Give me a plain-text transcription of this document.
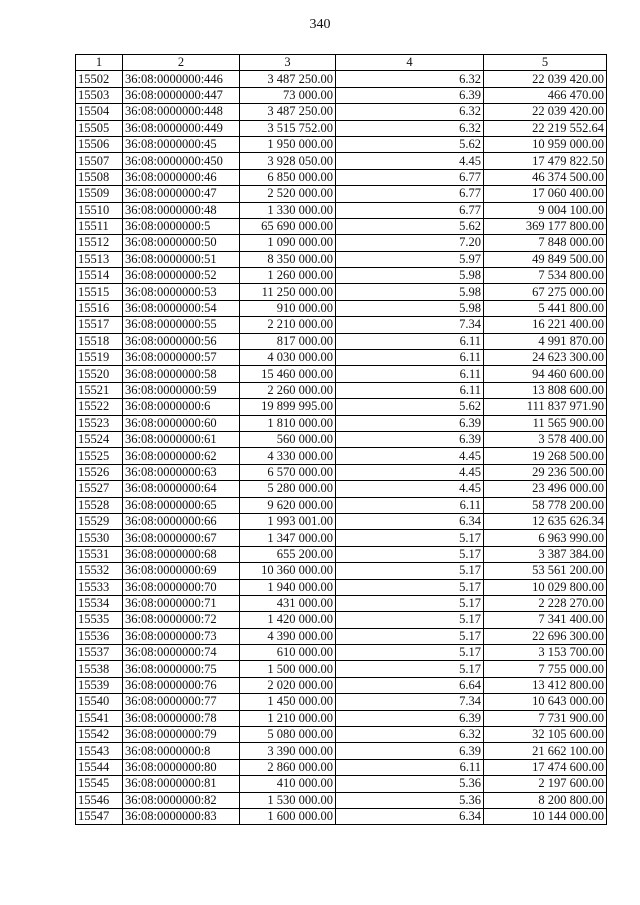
340
1	2	3	4	5
15502	36:08:0000000:446	3 487 250.00	6.32	22 039 420.00
15503	36:08:0000000:447	73 000.00	6.39	466 470.00
15504	36:08:0000000:448	3 487 250.00	6.32	22 039 420.00
15505	36:08:0000000:449	3 515 752.00	6.32	22 219 552.64
15506	36:08:0000000:45	1 950 000.00	5.62	10 959 000.00
15507	36:08:0000000:450	3 928 050.00	4.45	17 479 822.50
15508	36:08:0000000:46	6 850 000.00	6.77	46 374 500.00
15509	36:08:0000000:47	2 520 000.00	6.77	17 060 400.00
15510	36:08:0000000:48	1 330 000.00	6.77	9 004 100.00
15511	36:08:0000000:5	65 690 000.00	5.62	369 177 800.00
15512	36:08:0000000:50	1 090 000.00	7.20	7 848 000.00
15513	36:08:0000000:51	8 350 000.00	5.97	49 849 500.00
15514	36:08:0000000:52	1 260 000.00	5.98	7 534 800.00
15515	36:08:0000000:53	11 250 000.00	5.98	67 275 000.00
15516	36:08:0000000:54	910 000.00	5.98	5 441 800.00
15517	36:08:0000000:55	2 210 000.00	7.34	16 221 400.00
15518	36:08:0000000:56	817 000.00	6.11	4 991 870.00
15519	36:08:0000000:57	4 030 000.00	6.11	24 623 300.00
15520	36:08:0000000:58	15 460 000.00	6.11	94 460 600.00
15521	36:08:0000000:59	2 260 000.00	6.11	13 808 600.00
15522	36:08:0000000:6	19 899 995.00	5.62	111 837 971.90
15523	36:08:0000000:60	1 810 000.00	6.39	11 565 900.00
15524	36:08:0000000:61	560 000.00	6.39	3 578 400.00
15525	36:08:0000000:62	4 330 000.00	4.45	19 268 500.00
15526	36:08:0000000:63	6 570 000.00	4.45	29 236 500.00
15527	36:08:0000000:64	5 280 000.00	4.45	23 496 000.00
15528	36:08:0000000:65	9 620 000.00	6.11	58 778 200.00
15529	36:08:0000000:66	1 993 001.00	6.34	12 635 626.34
15530	36:08:0000000:67	1 347 000.00	5.17	6 963 990.00
15531	36:08:0000000:68	655 200.00	5.17	3 387 384.00
15532	36:08:0000000:69	10 360 000.00	5.17	53 561 200.00
15533	36:08:0000000:70	1 940 000.00	5.17	10 029 800.00
15534	36:08:0000000:71	431 000.00	5.17	2 228 270.00
15535	36:08:0000000:72	1 420 000.00	5.17	7 341 400.00
15536	36:08:0000000:73	4 390 000.00	5.17	22 696 300.00
15537	36:08:0000000:74	610 000.00	5.17	3 153 700.00
15538	36:08:0000000:75	1 500 000.00	5.17	7 755 000.00
15539	36:08:0000000:76	2 020 000.00	6.64	13 412 800.00
15540	36:08:0000000:77	1 450 000.00	7.34	10 643 000.00
15541	36:08:0000000:78	1 210 000.00	6.39	7 731 900.00
15542	36:08:0000000:79	5 080 000.00	6.32	32 105 600.00
15543	36:08:0000000:8	3 390 000.00	6.39	21 662 100.00
15544	36:08:0000000:80	2 860 000.00	6.11	17 474 600.00
15545	36:08:0000000:81	410 000.00	5.36	2 197 600.00
15546	36:08:0000000:82	1 530 000.00	5.36	8 200 800.00
15547	36:08:0000000:83	1 600 000.00	6.34	10 144 000.00
